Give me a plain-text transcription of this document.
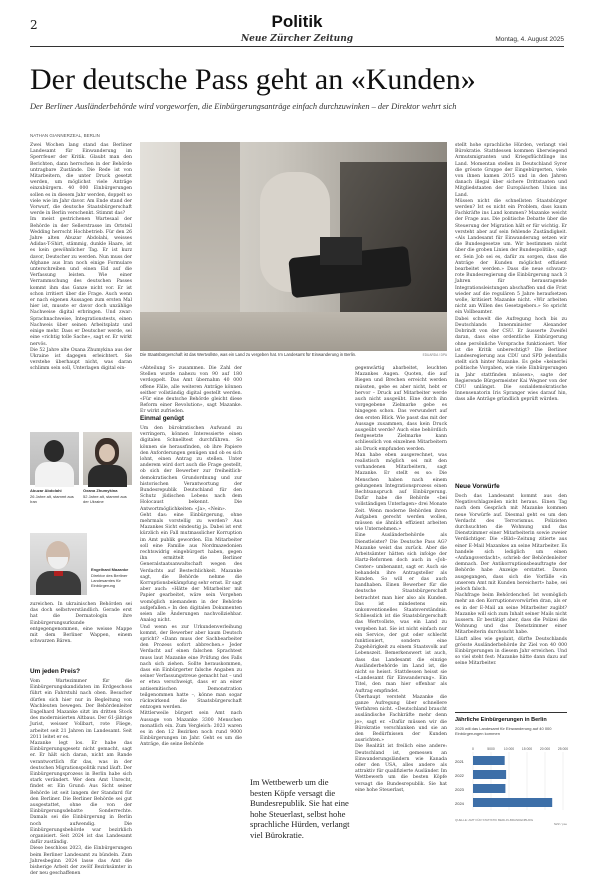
2	Politik
Neue Zürcher Zeitung	Montag, 4. August 2025
Der deutsche Pass geht an «Kunden»
Der Berliner Ausländerbehörde wird vorgeworfen, die Einbürgerungsanträge einfach durchzuwinken – der Direktor wehrt sich
NATHAN GIANNERZEAL, BERLIN
Zwei Wochen lang stand das Berliner Landesamt für Einwanderung im Sperrfeuer der Kritik. Glaubt man den Berichten, dann herrschen in der Behörde untragbare Zustände. Die Rede ist von Mitarbeitern, die unter Druck gesetzt werden, um möglichst viele Anträge einzubürgern. 40 000 Einbürgerungen sollen es in diesem Jahr werden, doppelt so viele wie im Jahr davor. Am Ende stand der Vorwurf, die deutsche Staatsbürgerschaft werde in Berlin verschenkt. Stimmt das?
Im meist gestrichenen Wartesaal der Behörde in der Sellerstrasse im Ortsteil Wedding herrscht Hochbetrieb. Für den 26 Jahre alten Abuzar Abdolahi, weisses Adidas-T-Shirt, stämmig, dunkle Haare, ist es kein gewöhnlicher Tag. Er ist kurz davor, Deutscher zu werden. Nun muss der Afghane aus Iran noch einige Formulare unterschreiben und einen Eid auf die Verfassung leisten. Wie einer Verrammschung des deutschen Passes kommt ihm das Ganze nicht vor. Er ist schon irritiert über die Frage. Auch wenn er nach eigenen Aussagen zum ersten Mal hier ist, musste er davor doch unzählige Nachweise digital erbringen. Und zwar: Sprachnachweise, Integrationstests, einen Nachweis über seinen Arbeitsplatz und einige mehr. Dass er Deutscher werde, sei eine «richtig tolle Sache», sagt er. Er wirkt nervös.
Die 52 Jahre alte Oxana Zhumykina aus der Ukraine ist dagegen erleichtert. Sie verstehe überhaupt nicht, was daran schlimm sein soll, Unterlagen digital ein-
Abuzar Abdolahi
26 Jahre alt, stammt aus Iran
Oxana Zhumykina
52 Jahre alt, stammt aus der Ukraine
Engelhard Mazanke
Direktor des Berliner Landesamtes für Einbürgerung
zureichen. In ukrainischen Behörden sei das doch selbstverständlich. Gerade erst hat die Dermatologin ihre Einbürgerungsurkunde entgegengenommen, eine weisse Mappe mit dem Berliner Wappen, einem schwarzen Bären.
Um jeden Preis?
Vom Wartezimmer für die Einbürgerungskandidaten im Erdgeschoss führt ein Fahrstuhl nach oben. Besucher dürfen sich hier nur in Begleitung von Wachleuten bewegen. Der Behördenleiter Engelhard Mazanke sitzt im dritten Stock des modernisierten Altbaus. Der 61-jährige Jurist, weisser Vollbart, rote Fliege, arbeitet seit 21 Jahren im Landesamt. Seit 2011 leitet er es.
Mazanke legt los. Er habe das Einbürgerungsgesetz nicht gemacht, sagt er. Er hält sich daran, nicht am Rande verantwortlich für das, was in der deutschen Migrationspolitik rund läuft. Der Einbürgerungsprozess in Berlin habe sich stark verändert. Wer dem Amt Unrecht, findet er. Ein Grund: Aus Sicht seiner Behörde ist seit langem der Standard für den Berliner. Die Berliner Behörde sei gut ausgestattet, ohne die von der Einbürgerungsdebatte Sonderrechte. Damals sei die Einbürgerung in Berlin noch aufwendig. Die Einbürgerungsbehörde war bezirklich organisiert. Seit 2024 ist das Landesamt dafür zuständig.
Diese beschloss 2023, die Einbürgerungen beim Berliner Landesamt zu bündeln. Zum Jahresbeginn 2024 lasse das Amt die bisherige Arbeit der zwölf Bezirksämter in der neu geschaffenen
Die Staatsbürgerschaft ist das Wertvollste, was ein Land zu vergeben hat. Im Landesamt für Einwanderung in Berlin.	EDUARDA / DPA
«Abteilung S» zusammen. Die Zahl der Stellen wurde nahezu von 90 auf 180 verdoppelt. Das Amt übernahm 40 000 offene Fälle, alle weiteren Anträge können seither vollständig digital gestellt werden. «Für eine deutsche Behörde gleicht diese Reform einer Revolution», sagt Mazanke. Er wirkt zufrieden.
Einmal genügt
Um den bürokratischen Aufwand zu verringern, können Interessierte einen digitalen Schnelltest durchführen. So können sie herausfinden, ob ihre Papiere den Anforderungen genügen und ob es sich lohnt, einen Antrag zu stellen. Unter anderem wird dort auch die Frage gestellt, ob sich der Bewerber zur freiheitlich-demokratischen Grundordnung und zur historischen Verantwortung der Bundesrepublik Deutschland für den Schutz jüdischen Lebens nach dem Holocaust bekennt. Die Antwortmöglichkeiten: «Ja», «Nein».
Geht das: eine Einbürgerung, ohne mehrmals vorstellig zu werden? Aus Mazankes Sicht eindeutig ja. Dabei ist erst kürzlich ein Fall mutmasslicher Korruption im Amt publik geworden. Ein Mitarbeiter soll eine Familie aus Nordmazedonien rechtswidrig eingebürgert haben, gegen ihn ermittelt die Berliner Generalstaatsanwaltschaft wegen des Verdachts auf Bestechlichkeit. Mazanke sagt, die Behörde nehme die Korruptionsbekämpfung sehr ernst. Er sagt aber auch: «Hätte der Mitarbeiter mit Papier gearbeitet, wäre sein Vorgehen womöglich niemandem in der Behörde aufgefallen.» In den digitalen Dokumenten seien alle Änderungen nachvollziehbar. Analog nicht.
Und wenn es zur Urkundenverleihung kommt, der Bewerber aber kaum Deutsch spricht? «Dann muss der Sachbearbeiter den Prozess sofort abbrechen.» Jeder Verdacht auf einen falschen Sprachtest muss laut Mazanke eine Prüfung des Falls nach sich ziehen. Sollte herauskommen, dass ein Einbürgerter falsche Angaben zu seiner Verfassungstreue gemacht hat – und er etwa verschweigt, dass er an einer antisemitischen Demonstration teilgenommen hatte –, könne man sogar rückwirkend die Staatsbürgerschaft entzogen werden.
Mittlerweile bürgert sein Amt nach Aussage von Mazanke 3300 Menschen monatlich ein. Zum Vergleich: 2023 waren es in den 12 Bezirken noch rund 9000 Einbürgerungen im Jahr. Geht es um die Anträge, die seine Behörde
Im Wettbewerb um die besten Köpfe versagt die Bundesrepublik. Sie hat eine hohe Steuerlast, selbst hohe sprachliche Hürden, verlangt viel Bürokratie.
gegenwärtig abarbeitet, leuchten Mazankes Augen. Quoten, die auf Biegen und Brechen erreicht werden müssten, gebe es aber nicht, hebt er hervor – Druck auf Mitarbeiter werde auch nicht ausgeübt. Eine durch ihn vorgegebene Zielmarke gebe es hingegen schon. Das verwundert auf den ersten Blick. Wie passt das mit der Aussage zusammen, dass kein Druck ausgeübt werde? Auch eine behördlich festgesetzte Zielmarke kann schliesslich von einzelnen Mitarbeitern als Druck empfunden werden.
Man habe eben ausgerechnet, was realistisch möglich sei mit den vorhandenen Mitarbeitern, sagt Mazanke. Er stellt es so: Die Menschen haben nach einem gelungenen Integrationsprozess einen Rechtsanspruch auf Einbürgerung. Dafür habe die Behörde «bei vollständigen Unterlagen» drei Monate Zeit. Wenn moderne Behörden ihren Aufgaben gerecht werden wollen, müssen sie ähnlich effizient arbeiten wie Unternehmen.»
Eine Ausländerbehörde als Dienstleister? Die Deutsche Pass AG? Mazanke weist das zurück. Aber die Arbeitsämter hätten sich infolge der Hartz-Reformen doch auch in «Job-Center» umbenannt, sagt er. Auch sie behandeln ihre Antragsteller als Kunden. So will er das auch handhaben. Einen Bewerber für die deutsche Staatsbürgerschaft betrachtet man hier also als Kunden. Das ist mindestens ein unkonventionelles Staatsverständnis. Schliesslich ist die Staatsbürgerschaft das Wertvollste, was ein Land zu vergeben hat. Sie ist nicht einfach nur ein Service, der gut oder schlecht funktioniert, sondern eine Zugehörigkeit zu einem Staatsvolk auf Lebenszeit. Bemerkenswert ist auch, dass das Landesamt die einzige Ausländerbehörde im Land ist, die nicht so heisst. Stattdessen heisst sie «Landesamt für Einwanderung». Ein Titel, den man hier offenbar als Auftrag empfindet.
Überhaupt versteht Mazanke die ganze Aufregung über schnellere Verfahren nicht. «Deutschland braucht ausländische Fachkräfte mehr denn je», sagt er. «Dafür müssen wir die Bürokratie verschlanken und sie an den Bedürfnissen der Kunden ausrichten.»
Die Realität ist freilich eine andere: Deutschland ist, gemessen an Einwanderungsländern wie Kanada oder den USA, alles andere als attraktiv für qualifizierte Ausländer. Im Wettbewerb um die besten Köpfe versagt die Bundesrepublik. Sie hat eine hohe Steuerlast,
stellt hohe sprachliche Hürden, verlangt viel Bürokratie. Stattdessen kommen überwiegend Armutsmigranten und Kriegsflüchtlinge ins Land. Momentan stellen in Deutschland Syrer die grösste Gruppe der Eingebürgerten, viele von ihnen kamen 2015 und in den Jahren danach illegal über sichere Drittstaaten und Mitgliedstaaten der Europäischen Union ins Land.
Müssen nicht die schnellsten Staatsbürger werden? Ist es nicht ein Problem, dass kaum Fachkräfte ins Land kommen? Mazanke weicht der Frage aus. Die politische Debatte über die Steuerung der Migration hält er für wichtig. Er versteht aber auf sein fehlende Zuständigkeit. «Als Landesamt für Einwanderung setzen wir die Bundesgesetze um. Wir bestimmen nicht über die groben Linien der Bundespolitik», sagt er. Sein Job sei es, dafür zu sorgen, dass die Anträge der Kunden möglichst effizient bearbeitet werden.» Dass die neue schwarz-rote Bundesregierung die Einbürgerung nach 3 Jahren für herausragende Integrationsleistungen abschaffen und die Frist wieder auf die regulären 5 Jahre heraufsetzen wolle, kritisiert Mazanke nicht. «Wir arbeiten nicht am Willen des Gesetzgebers.» So spricht ein Vollbeamter.
Dabei schwelt die Aufregung hoch bis zu Deutschlands Innenminister Alexander Dobrindt von der CSU. Er äusserte Zweifel daran, dass eine ordentliche Einbürgerung ohne persönliche Vorsprache funktioniert. Wer ist die Kritik unberechtigt? Die Berliner Landesregierung aus CDU und SPD jedenfalls stellt sich hinter Mazanke. Es gebe «keinerlei politische Vorgaben, wie viele Einbürgerungen in Jahr stattfinden müssen», sagte der Regierende Bürgermeister Kai Wegner von der CDU unlängst. Die sozialdemokratische Innensenatorin Iris Spranger wies darauf hin, dass alle Anträge gründlich geprüft würden.
Neue Vorwürfe
Doch das Landesamt kommt aus den Negativschlagzeilen nicht heraus. Einen Tag nach dem Gespräch mit Mazanke kommen neue Vorwürfe auf. Diesmal geht es um den Verdacht des Terrorismus. Polizisten durchsuchten die Wohnung und das Dienstzimmer einer Mitarbeiterin sowie zweier Verdächtiger. Die «Bild»-Zeitung zitierte aus einer E-Mail Mazankes an seine Mitarbeiter. Es handele sich lediglich um einen «Anfangsverdacht», schrieb der Behördenleiter demnach. Der Antikorruptionsbeauftragte der Behörde habe Anzeige erstattet. Davon ausgegangen, dass sich die Vorfälle «in unserem Amt mit Kunden bereichert» habe, sei jedoch falsch.
Nachfrage beim Behördenchef: Ist womöglich mehr an den Korruptionsvorwürfen dran, als er es in der E-Mail an seine Mitarbeiter zugibt? Mazanke will sich zum Inhalt seiner Mails nicht äussern. Er bestätigt aber, dass die Polizei die Wohnung und das Dienstzimmer einer Mitarbeiterin durchsucht habe.
Läuft alles wie geplant, dürfte Deutschlands grösste Ausländerbehörde ihr Ziel von 40 000 Einbürgerungen in diesem Jahr erreichen. Und so viel steht fest: Mazanke hätte dann dazu auf seine Mitarbeiter.
Jährliche Einbürgerungen in Berlin
2025 will das Landesamt für Einwanderung auf 40 000 Einbürgerungen kommen
0	5000	10 000 15 000 20 000 25 000
2021
2022
2023
2024
QUELLE: AMT FÜR STATISTIK BERLIN-BRANDENBURG
NZZ / pse
